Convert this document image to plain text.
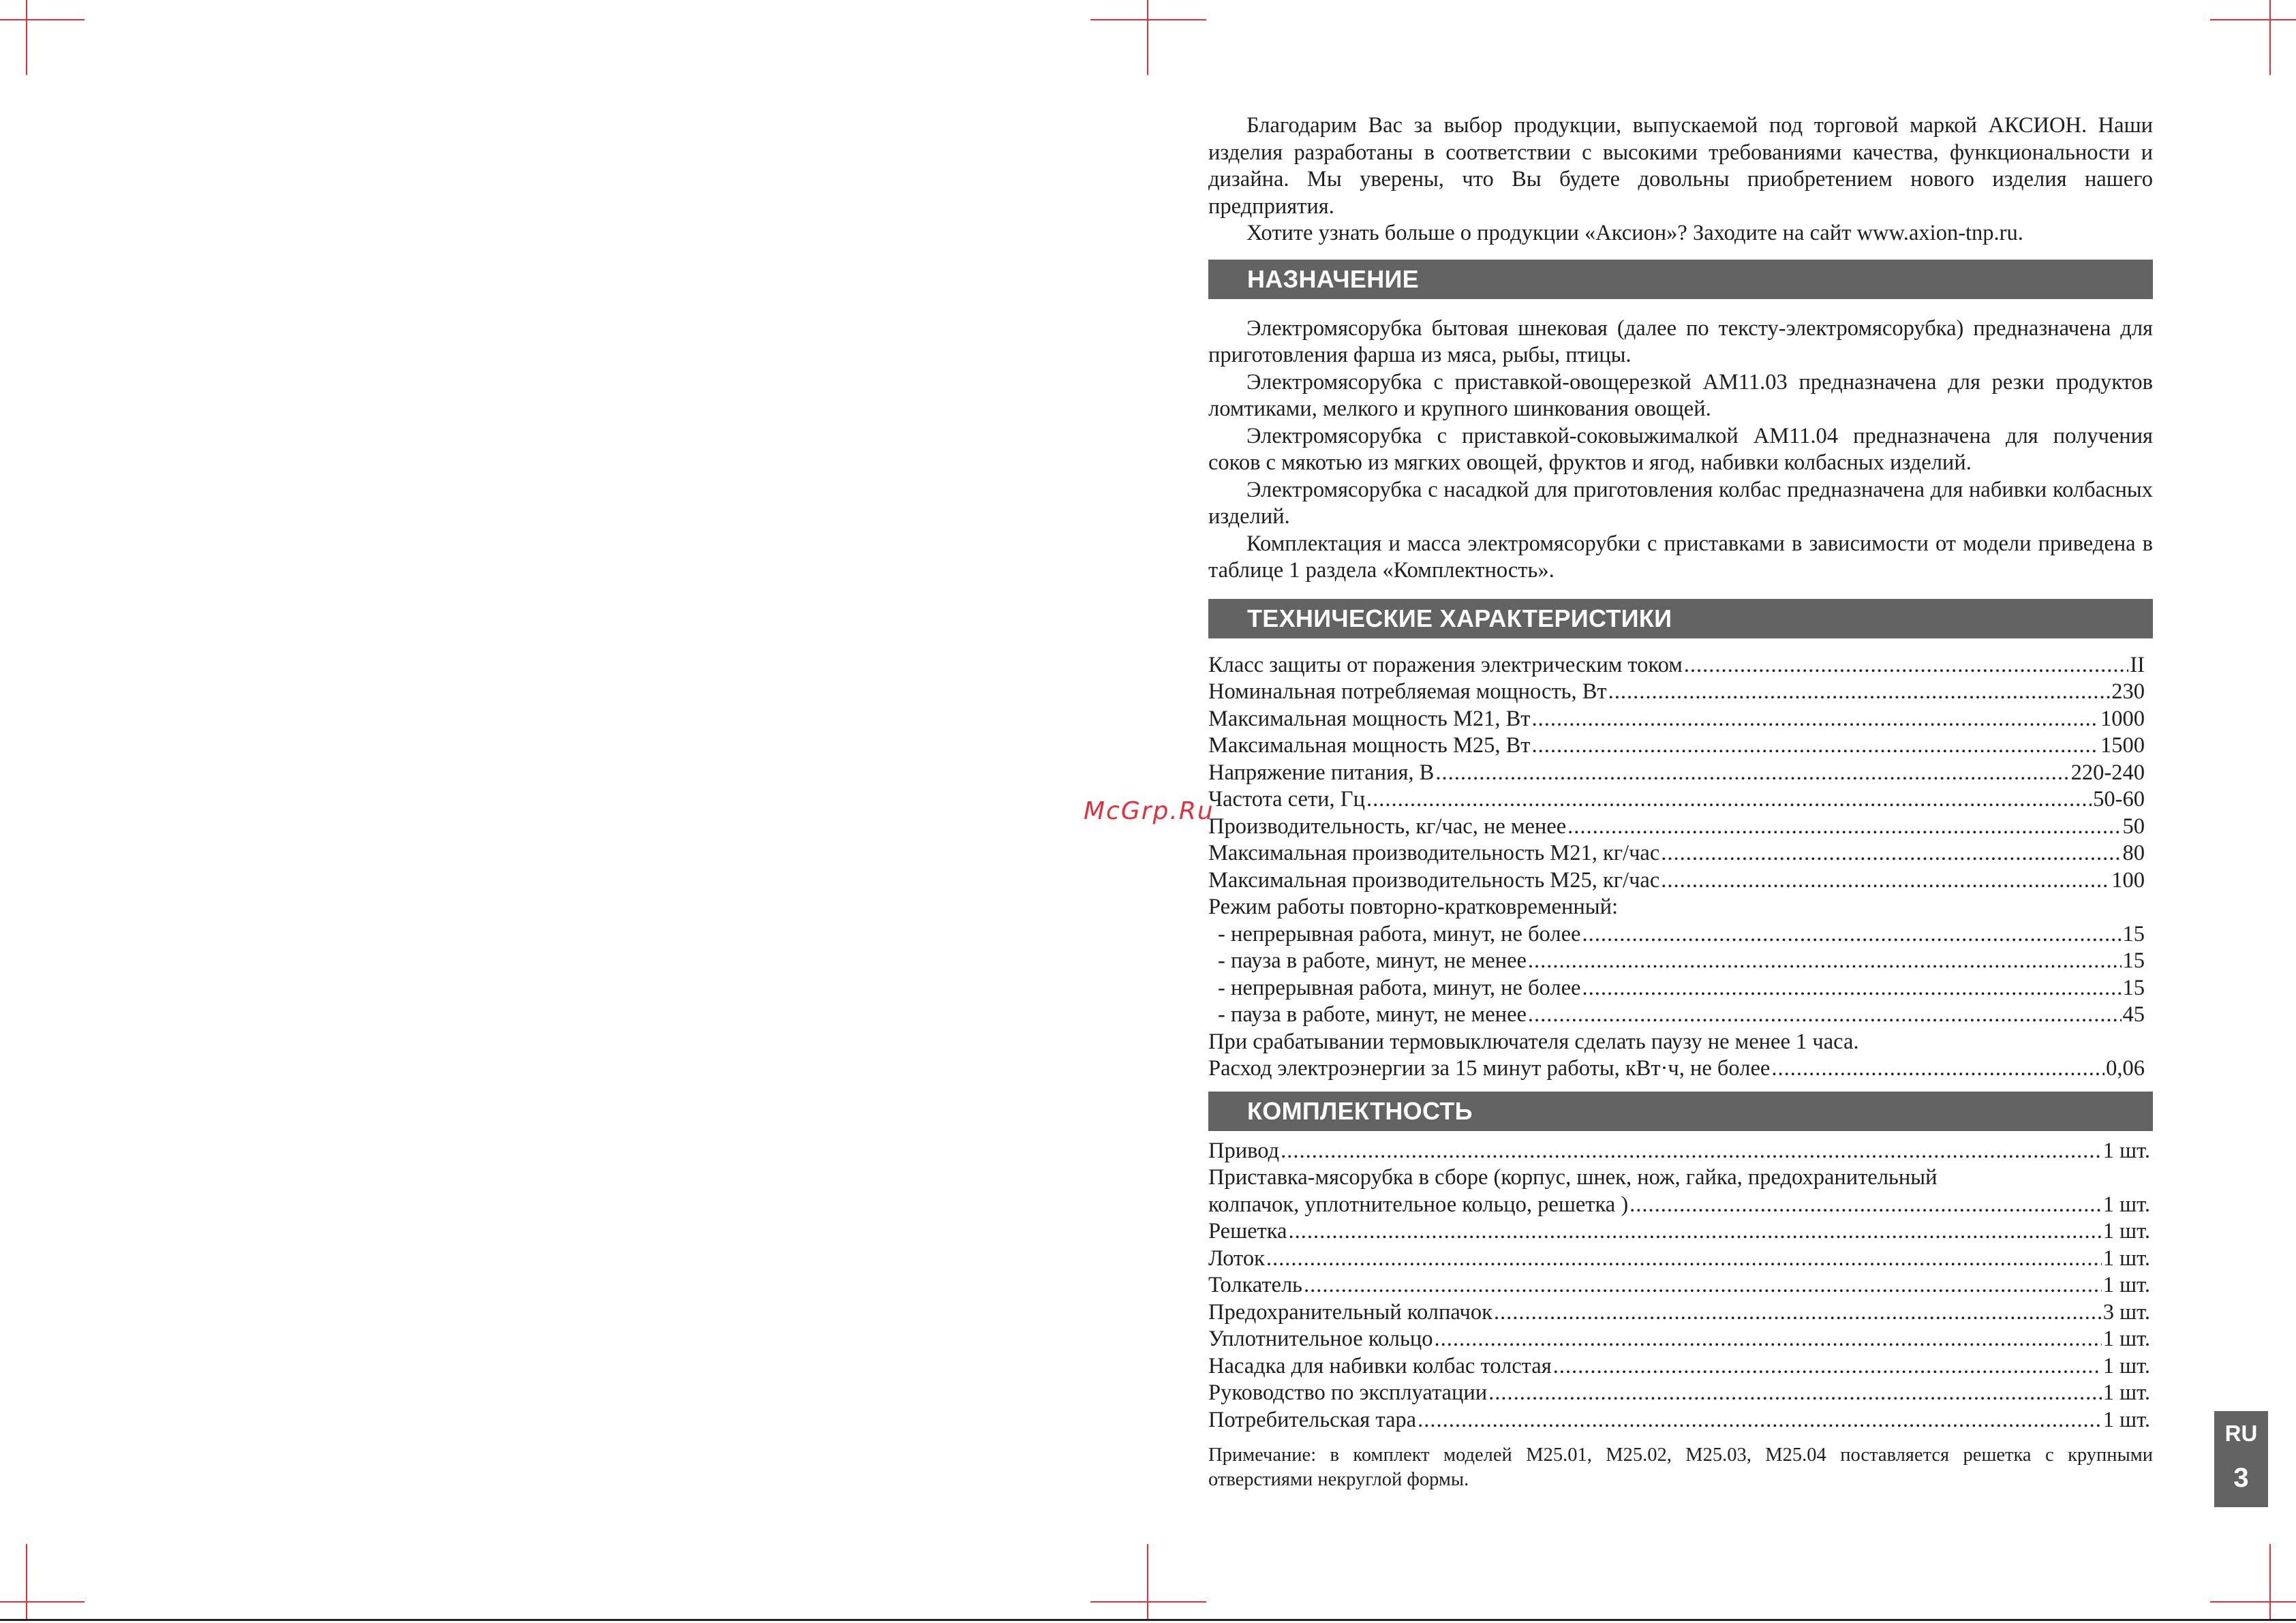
Благодарим Вас за выбор продукции, выпускаемой под торговой маркой АКСИОН. Наши изделия разработаны в соответствии с высокими требованиями качества, функциональности и дизайна. Мы уверены, что Вы будете довольны приобретением нового изделия нашего предприятия.

Хотите узнать больше о продукции «Аксион»? Заходите на сайт www.axion-tnp.ru.

НАЗНАЧЕНИЕ

Электромясорубка бытовая шнековая (далее по тексту-электромясорубка) предназначена для приготовления фарша из мяса, рыбы, птицы.

Электромясорубка с приставкой-овощерезкой АМ11.03 предназначена для резки продуктов ломтиками, мелкого и крупного шинкования овощей.

Электромясорубка с приставкой-соковыжималкой АМ11.04 предназначена для получения соков с мякотью из мягких овощей, фруктов и ягод, набивки колбасных изделий.

Электромясорубка с насадкой для приготовления колбас предназначена для набивки колбасных изделий.

Комплектация и масса электромясорубки с приставками в зависимости от модели приведена в таблице 1 раздела «Комплектность».

ТЕХНИЧЕСКИЕ ХАРАКТЕРИСТИКИ
Класс защиты от поражения электрическим током .....	II
Номинальная потребляемая мощность, Вт .....	230
Максимальная мощность М21, Вт .....	1000
Максимальная мощность М25, Вт .....	1500
Напряжение питания, В .....	220-240
Частота сети, Гц .....	50-60
Производительность, кг/час, не менее .....	50
Максимальная производительность М21, кг/час .....	80
Максимальная производительность М25, кг/час .....	100
Режим работы повторно-кратковременный:
- непрерывная работа, минут, не более .....	15
- пауза в работе, минут, не менее .....	15
- непрерывная работа, минут, не более .....	15
- пауза в работе, минут, не менее .....	45
При срабатывании термовыключателя сделать паузу не менее 1 часа.
Расход электроэнергии за 15 минут работы, кВт·ч, не более .....	0,06
КОМПЛЕКТНОСТЬ
Привод .....	1 шт.
Приставка-мясорубка в сборе (корпус, шнек, нож, гайка, предохранительный
колпачок, уплотнительное кольцо, решетка ) .....	1 шт.
Решетка .....	1 шт.
Лоток .....	1 шт.
Толкатель .....	1 шт.
Предохранительный колпачок .....	3 шт.
Уплотнительное кольцо .....	1 шт.
Насадка для набивки колбас толстая .....	1 шт.
Руководство по эксплуатации .....	1 шт.
Потребительская тара .....	1 шт.

Примечание: в комплект моделей М25.01, М25.02, М25.03, М25.04 поставляется решетка с крупными отверстиями некруглой формы.

McGrp.Ru
RU
3
